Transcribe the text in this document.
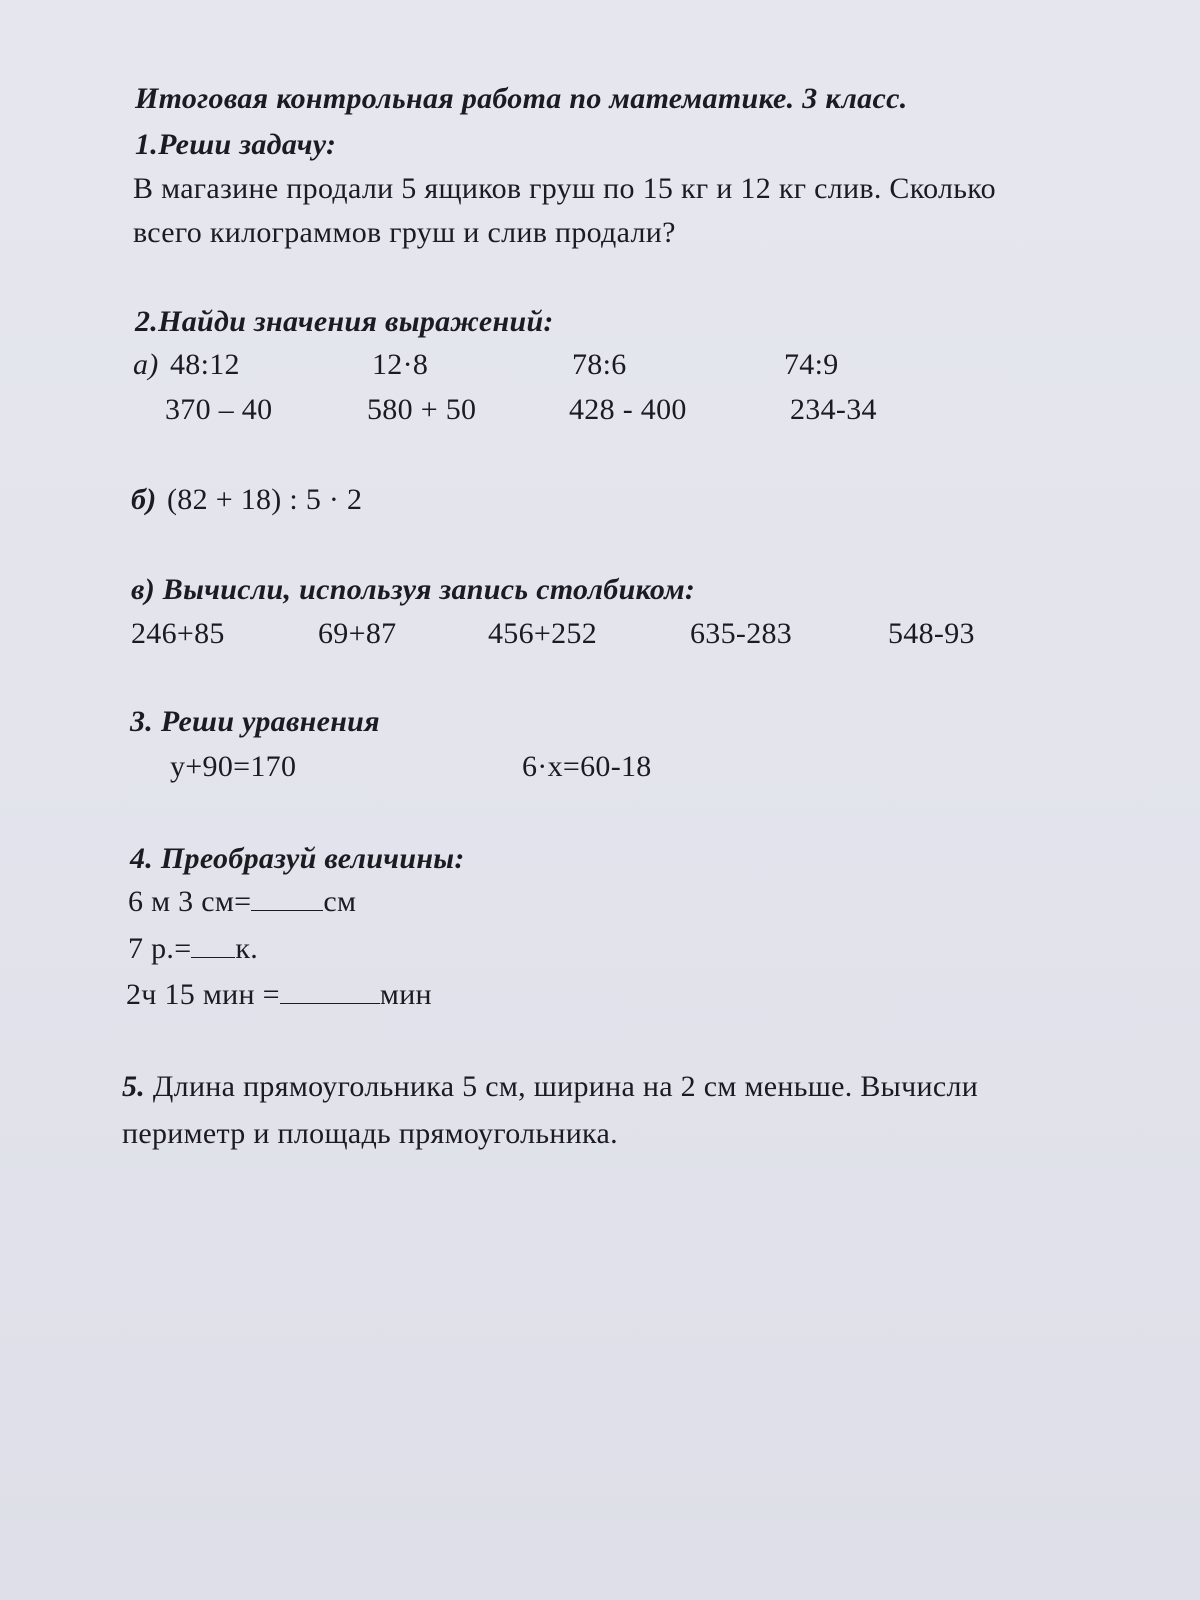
Итоговая контрольная работа по математике. 3 класс.
1.Реши задачу:
В магазине продали 5 ящиков груш по 15 кг и 12 кг слив. Сколько
всего килограммов груш и слив продали?
2.Найди значения выражений:
а) 48:12	12·8	78:6	74:9
370 – 40	580 + 50	428 - 400	234-34
б) (82 + 18) : 5 · 2
в) Вычисли, используя запись столбиком:
246+85	69+87	456+252	635-283	548-93
3. Реши уравнения
у+90=170	6·х=60-18
4. Преобразуй величины:
6 м 3 см= см
7 р.= к.
2ч 15 мин =	мин
5. Длина прямоугольника 5 см, ширина на 2 см меньше. Вычисли
периметр и площадь прямоугольника.
